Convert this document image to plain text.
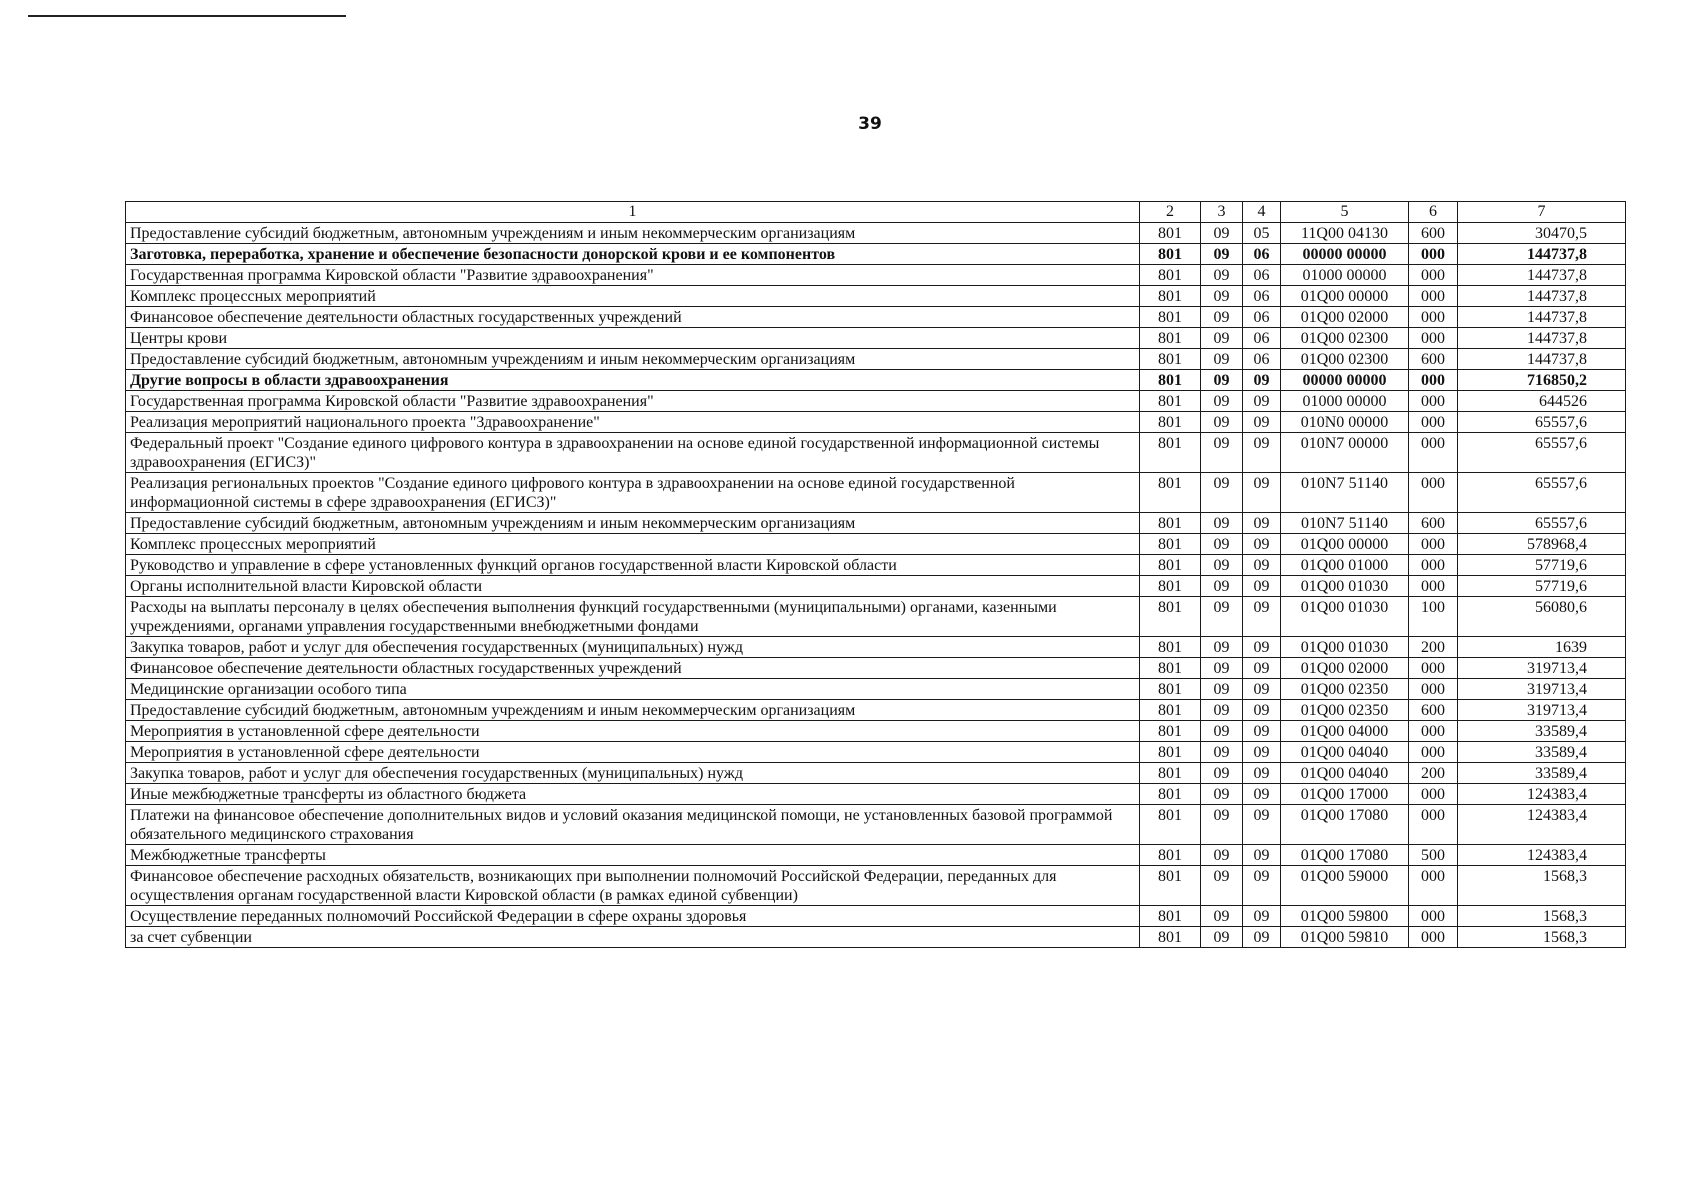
39
1	2	3	4	5	6	7
Предоставление субсидий бюджетным, автономным учреждениям и иным некоммерческим организациям	801	09	05	11Q00 04130	600	30470,5
Заготовка, переработка, хранение и обеспечение безопасности донорской крови и ее компонентов	801	09	06	00000 00000	000	144737,8
Государственная программа Кировской области "Развитие здравоохранения"	801	09	06	01000 00000	000	144737,8
Комплекс процессных мероприятий	801	09	06	01Q00 00000	000	144737,8
Финансовое обеспечение деятельности областных государственных учреждений	801	09	06	01Q00 02000	000	144737,8
Центры крови	801	09	06	01Q00 02300	000	144737,8
Предоставление субсидий бюджетным, автономным учреждениям и иным некоммерческим организациям	801	09	06	01Q00 02300	600	144737,8
Другие вопросы в области здравоохранения	801	09	09	00000 00000	000	716850,2
Государственная программа Кировской области "Развитие здравоохранения"	801	09	09	01000 00000	000	644526
Реализация мероприятий национального проекта "Здравоохранение"	801	09	09	010N0 00000	000	65557,6
Федеральный проект "Создание единого цифрового контура в здравоохранении на основе единой государственной информационной системы здравоохранения (ЕГИСЗ)"	801	09	09	010N7 00000	000	65557,6
Реализация региональных проектов "Создание единого цифрового контура в здравоохранении на основе единой государственной информационной системы в сфере здравоохранения (ЕГИСЗ)"	801	09	09	010N7 51140	000	65557,6
Предоставление субсидий бюджетным, автономным учреждениям и иным некоммерческим организациям	801	09	09	010N7 51140	600	65557,6
Комплекс процессных мероприятий	801	09	09	01Q00 00000	000	578968,4
Руководство и управление в сфере установленных функций органов государственной власти Кировской области	801	09	09	01Q00 01000	000	57719,6
Органы исполнительной власти Кировской области	801	09	09	01Q00 01030	000	57719,6
Расходы на выплаты персоналу в целях обеспечения выполнения функций государственными (муниципальными) органами, казенными учреждениями, органами управления государственными внебюджетными фондами	801	09	09	01Q00 01030	100	56080,6
Закупка товаров, работ и услуг для обеспечения государственных (муниципальных) нужд	801	09	09	01Q00 01030	200	1639
Финансовое обеспечение деятельности областных государственных учреждений	801	09	09	01Q00 02000	000	319713,4
Медицинские организации особого типа	801	09	09	01Q00 02350	000	319713,4
Предоставление субсидий бюджетным, автономным учреждениям и иным некоммерческим организациям	801	09	09	01Q00 02350	600	319713,4
Мероприятия в установленной сфере деятельности	801	09	09	01Q00 04000	000	33589,4
Мероприятия в установленной сфере деятельности	801	09	09	01Q00 04040	000	33589,4
Закупка товаров, работ и услуг для обеспечения государственных (муниципальных) нужд	801	09	09	01Q00 04040	200	33589,4
Иные межбюджетные трансферты из областного бюджета	801	09	09	01Q00 17000	000	124383,4
Платежи на финансовое обеспечение дополнительных видов и условий оказания медицинской помощи, не установленных базовой программой обязательного медицинского страхования	801	09	09	01Q00 17080	000	124383,4
Межбюджетные трансферты	801	09	09	01Q00 17080	500	124383,4
Финансовое обеспечение расходных обязательств, возникающих при выполнении полномочий Российской Федерации, переданных для осуществления органам государственной власти Кировской области (в рамках единой субвенции)	801	09	09	01Q00 59000	000	1568,3
Осуществление переданных полномочий Российской Федерации в сфере охраны здоровья	801	09	09	01Q00 59800	000	1568,3
за счет субвенции	801	09	09	01Q00 59810	000	1568,3
